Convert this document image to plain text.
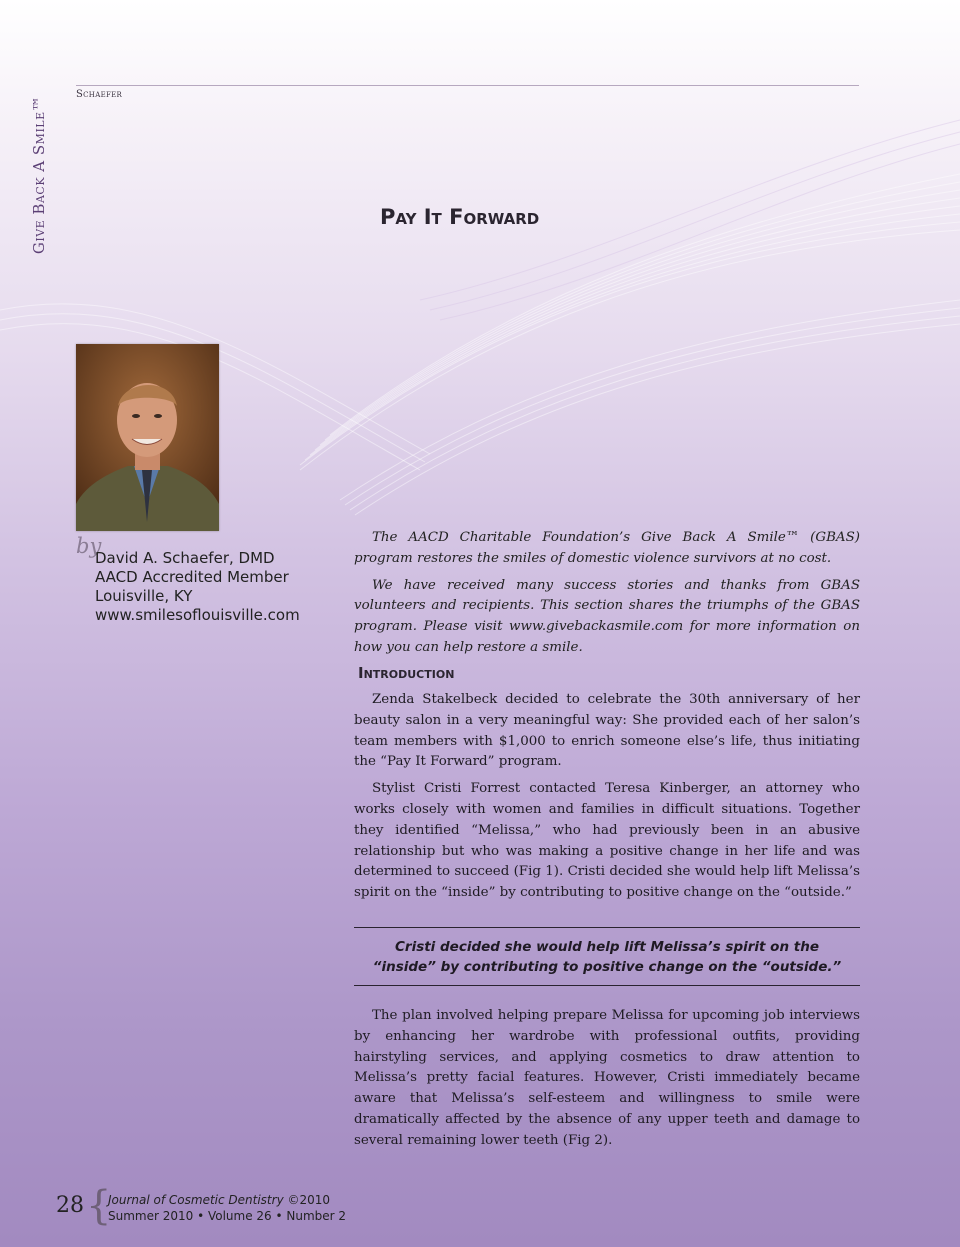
Give Back A Smile™
Schaefer
Pay It Forward
by
David A. Schaefer, DMD
AACD Accredited Member
Louisville, KY
www.smilesoflouisville.com

The AACD Charitable Foundation’s Give Back A Smile™ (GBAS) program restores the smiles of domestic violence survivors at no cost.

We have received many success stories and thanks from GBAS volunteers and recipients. This section shares the triumphs of the GBAS program. Please visit www.givebackasmile.com for more information on how you can help restore a smile.

Introduction

Zenda Stakelbeck decided to celebrate the 30th anniversary of her beauty salon in a very meaningful way: She provided each of her salon’s team members with $1,000 to enrich someone else’s life, thus initiating the “Pay It Forward” program.

Stylist Cristi Forrest contacted Teresa Kinberger, an attorney who works closely with women and families in difficult situations. Together they identified “Melissa,” who had previously been in an abusive relationship but who was making a positive change in her life and was determined to succeed (Fig 1). Cristi decided she would help lift Melissa’s spirit on the “inside” by contributing to positive change on the “outside.”

Cristi decided she would help lift Melissa’s spirit on the “inside” by contributing to positive change on the “outside.”

The plan involved helping prepare Melissa for upcoming job interviews by enhancing her wardrobe with professional outfits, providing hairstyling services, and applying cosmetics to draw attention to Melissa’s pretty facial features. However, Cristi immediately became aware that Melissa’s self-esteem and willingness to smile were dramatically affected by the absence of any upper teeth and damage to several remaining lower teeth (Fig 2).

28 {
Journal of Cosmetic Dentistry ©2010
Summer 2010 • Volume 26 • Number 2
